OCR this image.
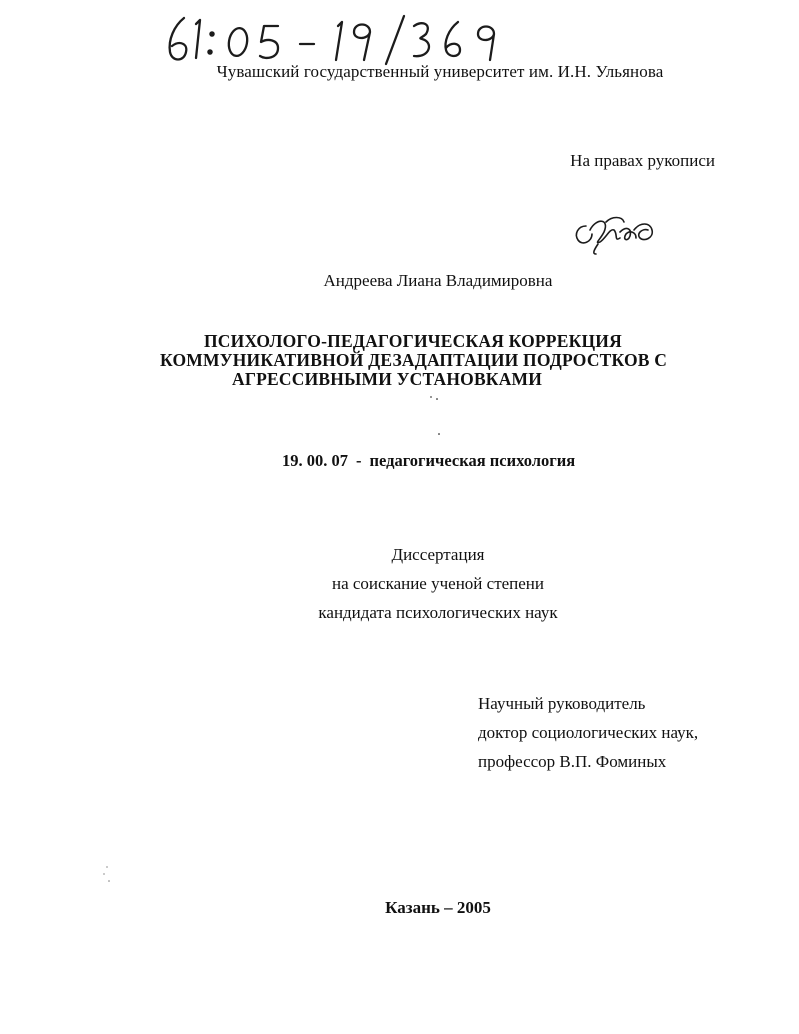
Чувашский государственный университет им. И.Н. Ульянова
На правах рукописи
Андреева Лиана Владимировна
ПСИХОЛОГО-ПЕДАГОГИЧЕСКАЯ КОРРЕКЦИЯ
КОММУНИКАТИВНОЙ ДЕЗАДАПТАЦИИ ПОДРОСТКОВ С
АГРЕССИВНЫМИ УСТАНОВКАМИ
19. 00. 07 - педагогическая психология
Диссертация
на соискание ученой степени
кандидата психологических наук
Научный руководитель
доктор социологических наук,
профессор В.П. Фоминых
Казань – 2005
